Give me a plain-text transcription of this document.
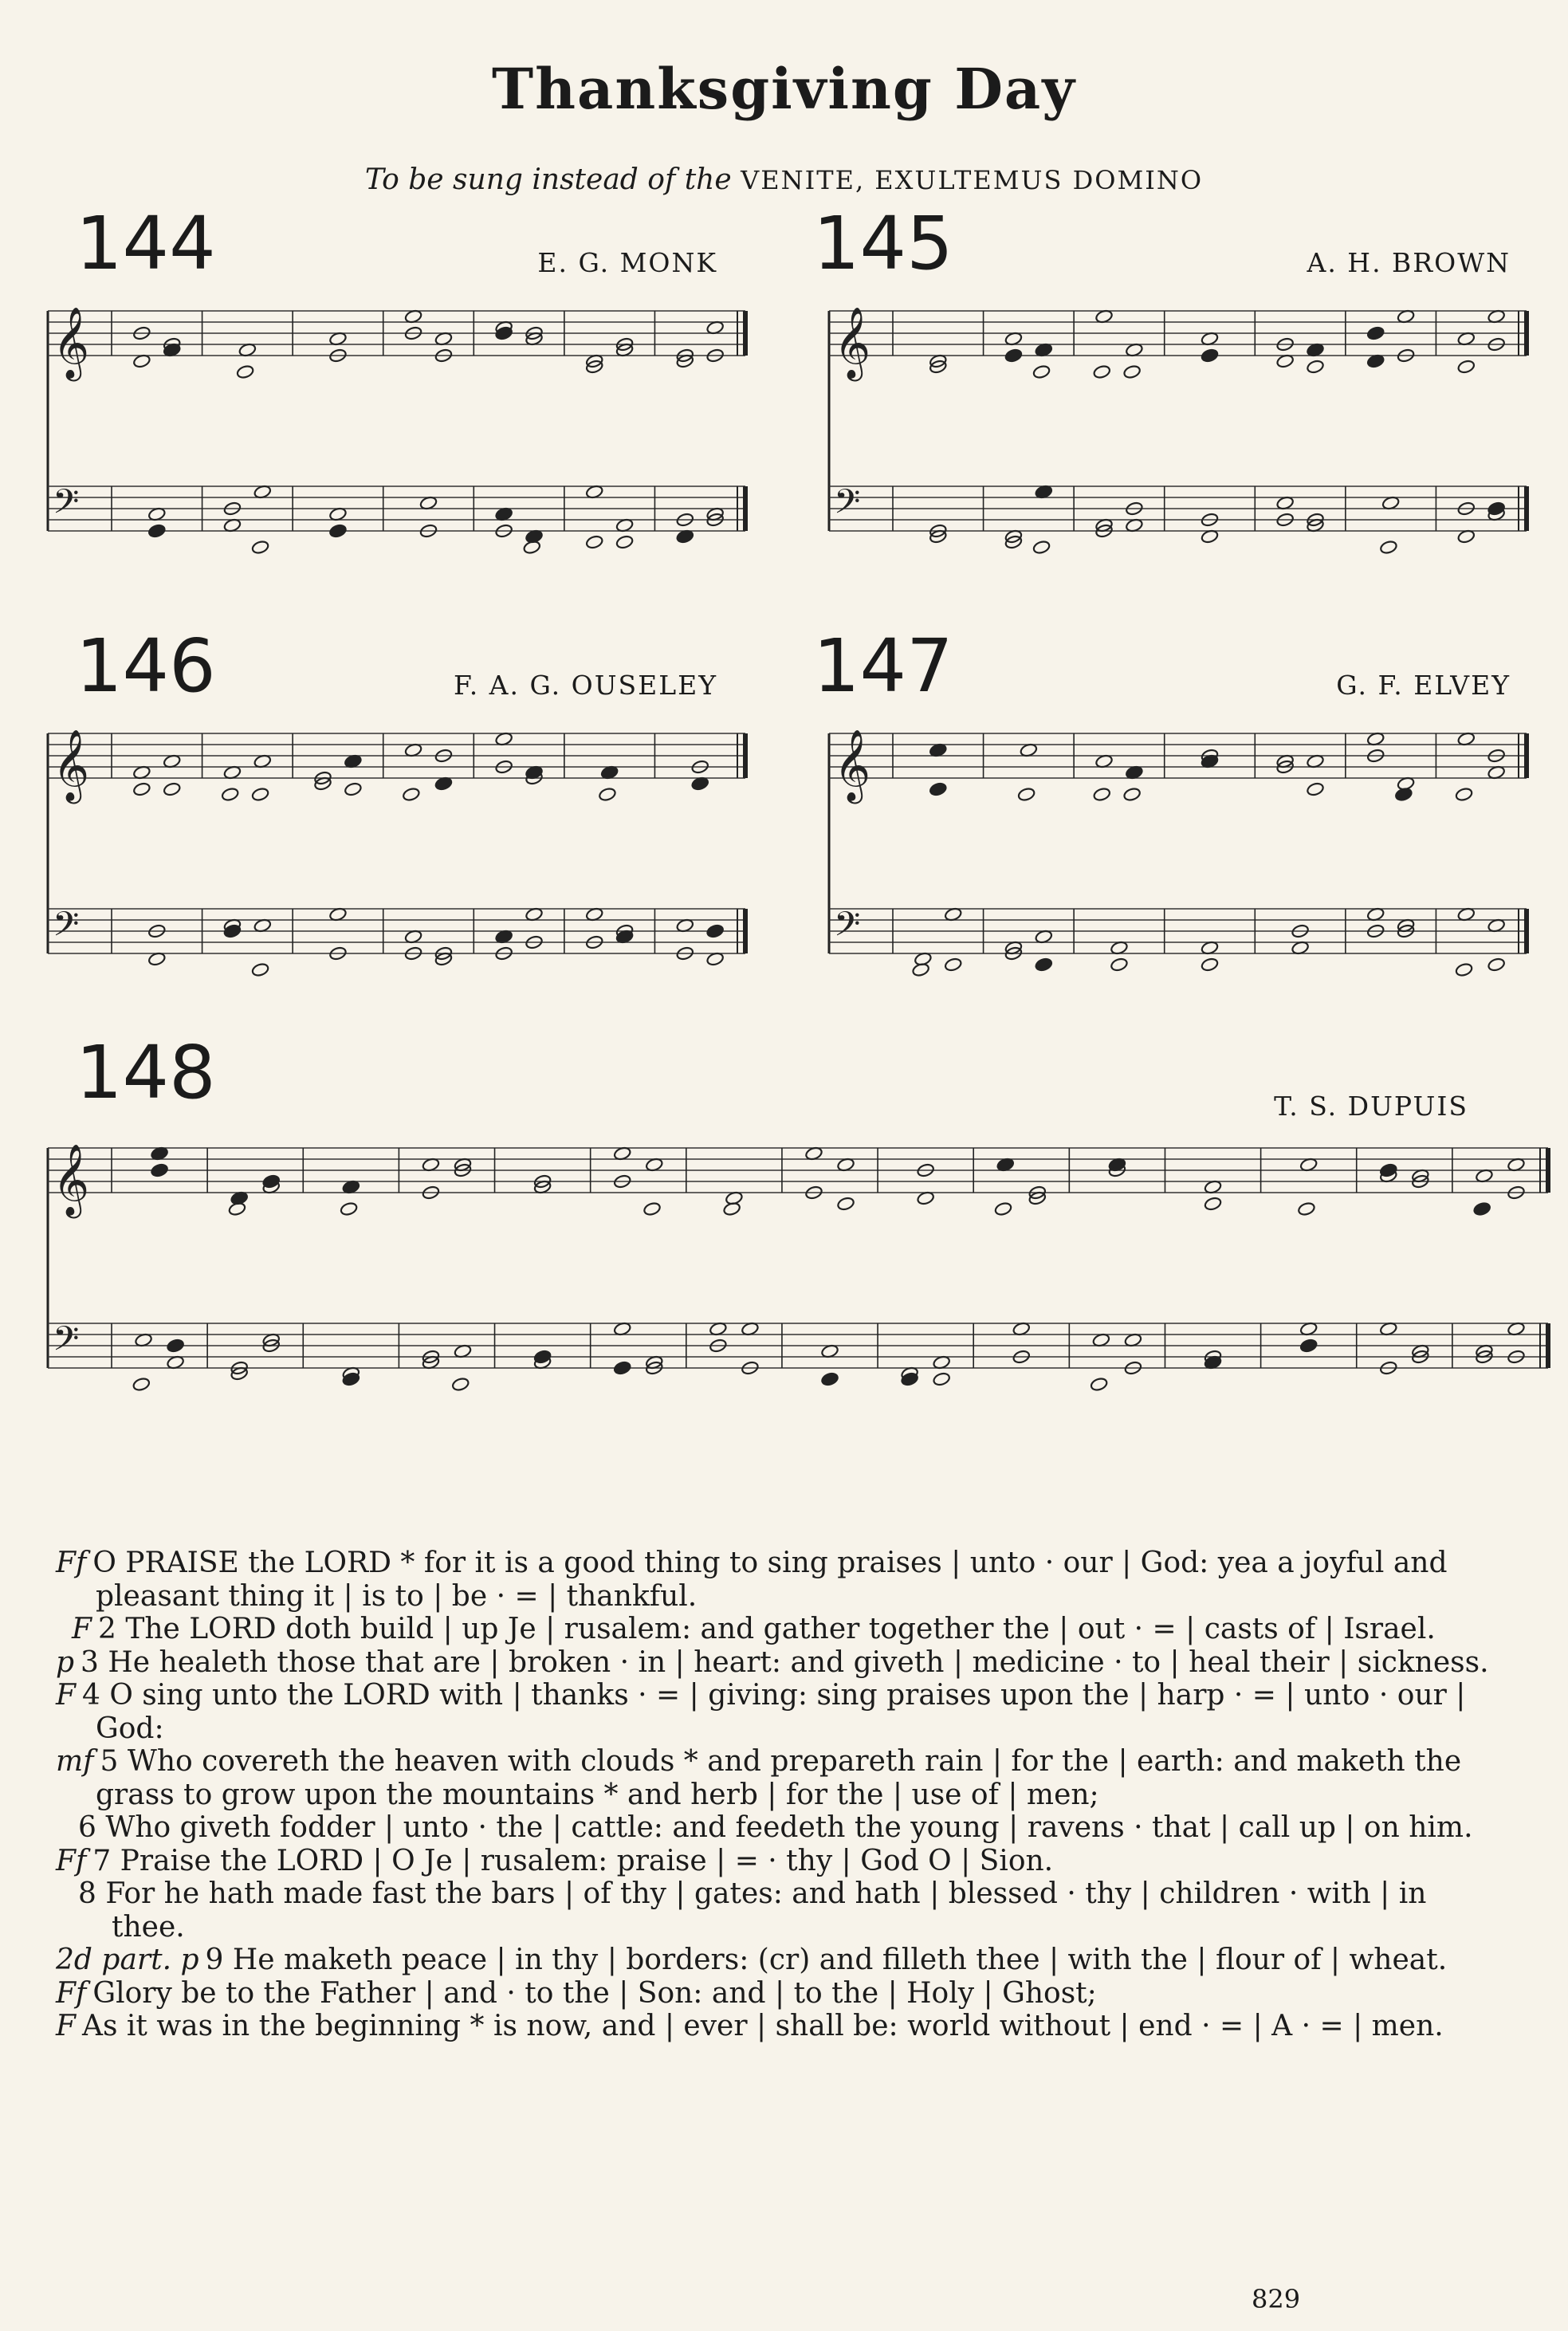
Thanksgiving Day
To be sung instead of the VENITE, EXULTEMUS DOMINO
144	E. G. MONK
𝄞
𝄢
145	A. H. BROWN
𝄞
𝄢
146	F. A. G. OUSELEY
𝄞
𝄢
147	G. F. ELVEY
𝄞
𝄢
148	T. S. DUPUIS
𝄞
𝄢

Ff O PRAISE the LORD * for it is a good thing to sing praises | unto · our | God: yea a joyful and pleasant thing it | is to | be · = | thankful.

F 2 The LORD doth build | up Je | rusalem: and gather together the | out · = | casts of | Israel.

p 3 He healeth those that are | broken · in | heart: and giveth | medicine · to | heal their | sickness.

F 4 O sing unto the LORD with | thanks · = | giving: sing praises upon the | harp · = | unto · our | God:

mf 5 Who covereth the heaven with clouds * and prepareth rain | for the | earth: and maketh the grass to grow upon the mountains * and herb | for the | use of | men;

6 Who giveth fodder | unto · the | cattle: and feedeth the young | ravens · that | call up | on him.

Ff 7 Praise the LORD | O Je | rusalem: praise | = · thy | God O | Sion.

8 For he hath made fast the bars | of thy | gates: and hath | blessed · thy | children · with | in thee.

2d part. p 9 He maketh peace | in thy | borders: (cr) and filleth thee | with the | flour of | wheat.

Ff Glory be to the Father | and · to the | Son: and | to the | Holy | Ghost;

F As it was in the beginning * is now, and | ever | shall be: world without | end · = | A · = | men.

829
